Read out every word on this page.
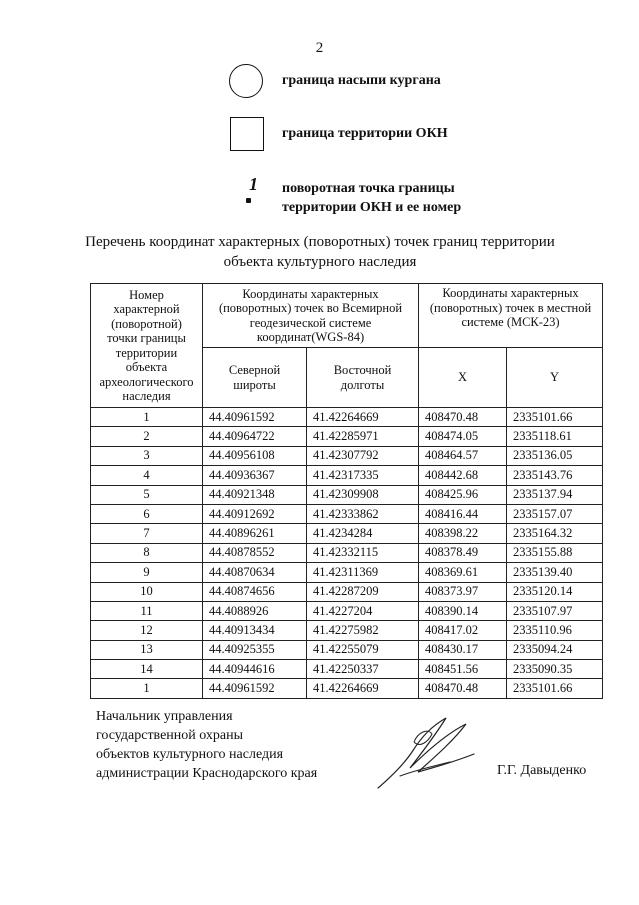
2
граница насыпи кургана
граница территории ОКН
1 поворотная точка границы
территории ОКН и ее номер
Перечень координат характерных (поворотных) точек границ территории
объекта культурного наследия
Номер характерной (поворотной) точки границы территории объекта археологического наследия	Координаты характерных (поворотных) точек во Всемирной геодезической системе координат(WGS-84)		Координаты характерных (поворотных) точек в местной системе (МСК-23)	
	Северной широты	Восточной долготы	X	Y
1	44.40961592	41.42264669	408470.48	2335101.66
2	44.40964722	41.42285971	408474.05	2335118.61
3	44.40956108	41.42307792	408464.57	2335136.05
4	44.40936367	41.42317335	408442.68	2335143.76
5	44.40921348	41.42309908	408425.96	2335137.94
6	44.40912692	41.42333862	408416.44	2335157.07
7	44.40896261	41.4234284	408398.22	2335164.32
8	44.40878552	41.42332115	408378.49	2335155.88
9	44.40870634	41.42311369	408369.61	2335139.40
10	44.40874656	41.42287209	408373.97	2335120.14
11	44.4088926	41.4227204	408390.14	2335107.97
12	44.40913434	41.42275982	408417.02	2335110.96
13	44.40925355	41.42255079	408430.17	2335094.24
14	44.40944616	41.42250337	408451.56	2335090.35
1	44.40961592	41.42264669	408470.48	2335101.66
Начальник управления
государственной охраны
объектов культурного наследия
администрации Краснодарского края	Г.Г. Давыденко
